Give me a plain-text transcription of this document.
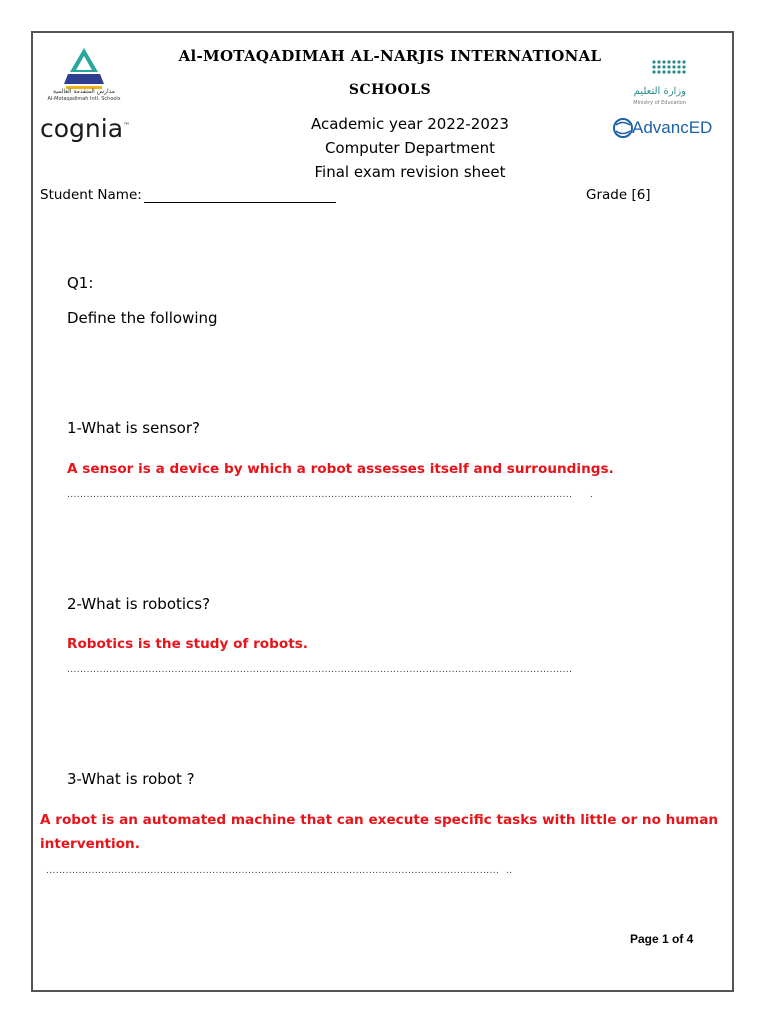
مدارس المتقدمة العالمية
Al-Motaqadimah Intl. Schools
cognia™
وزارة التعليم
Ministry of Education
AdvancED
Al-MOTAQADIMAH AL-NARJIS INTERNATIONAL
SCHOOLS
Academic year 2022-2023
Computer Department
Final exam revision sheet
Student Name:	Grade [6]
Q1:
Define the following
1-What is sensor?
A sensor is a device by which a robot assesses itself and surroundings.
...........................................................................................................................................................	.
2-What is robotics?
Robotics is the study of robots.
...........................................................................................................................................................
3-What is robot ?
A robot is an automated machine that can execute specific tasks with little or no human intervention.
........................................................................................................................................... ..
Page 1 of 4
